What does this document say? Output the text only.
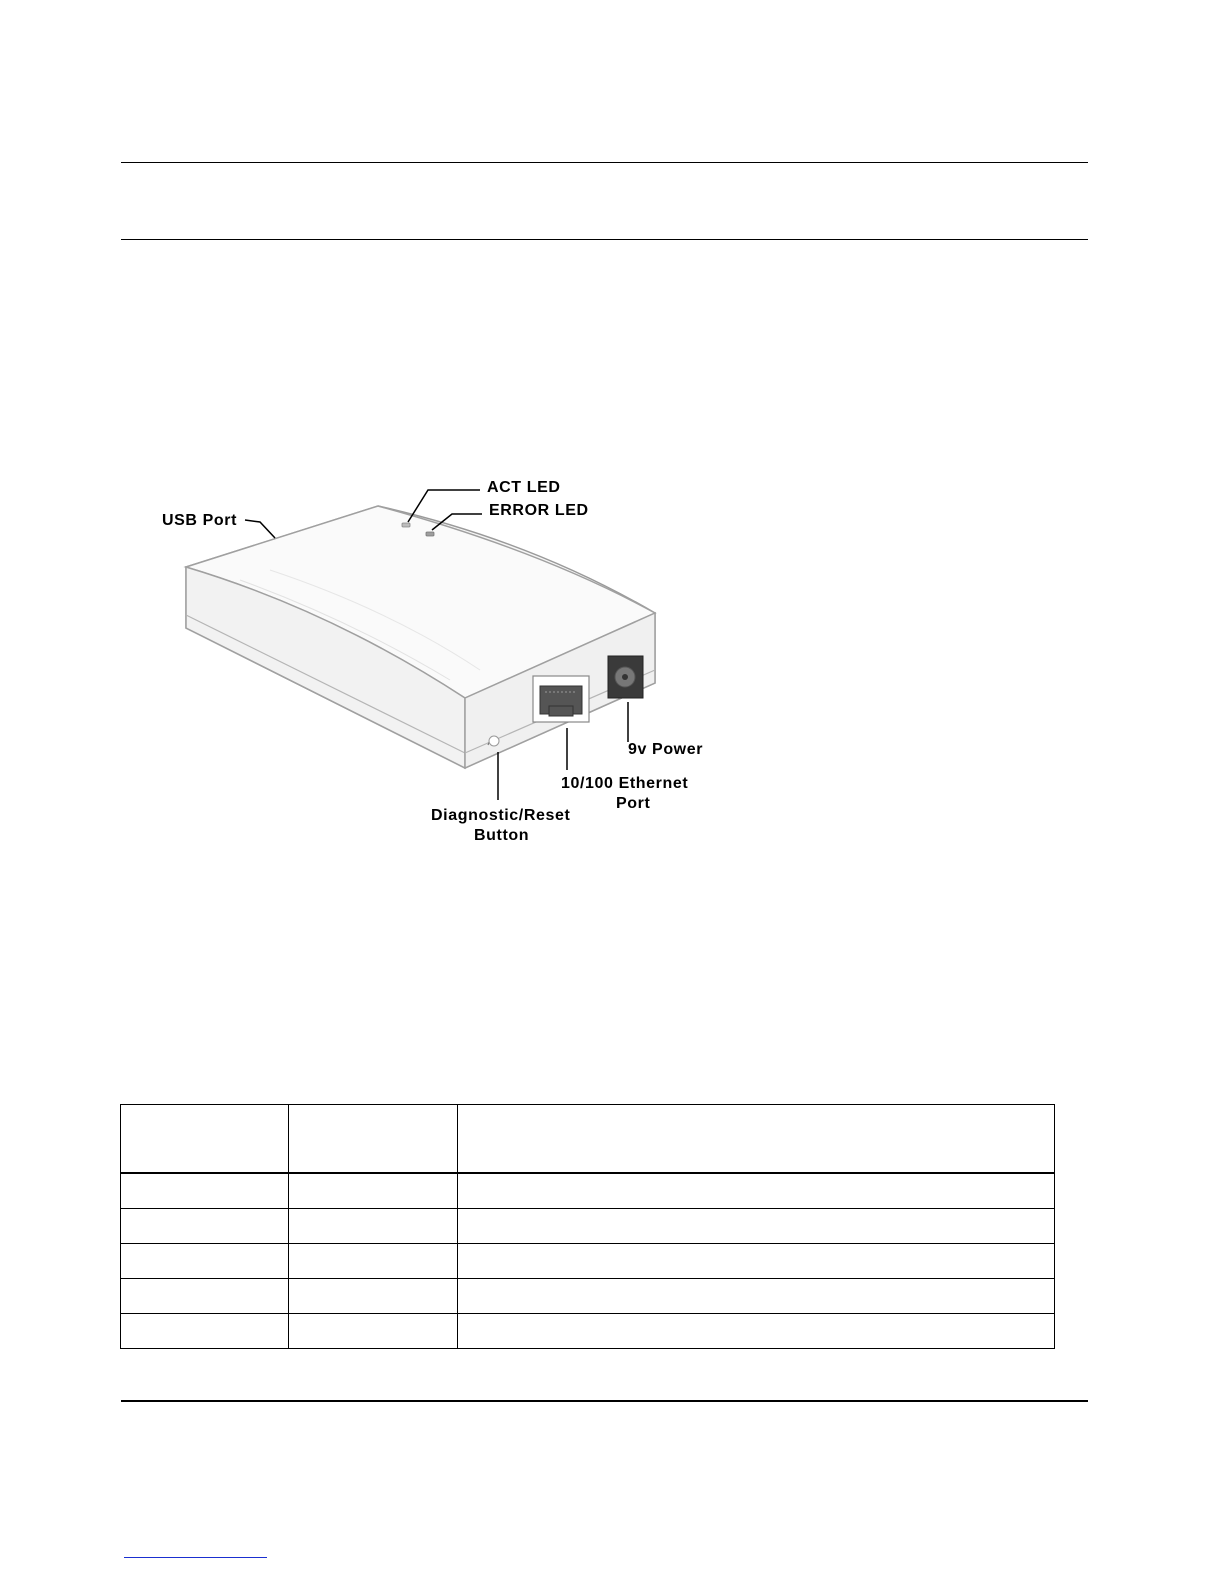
ACT LED
ERROR LED
USB Port
9v Power
10/100 Ethernet
Port
Diagnostic/Reset
Button
